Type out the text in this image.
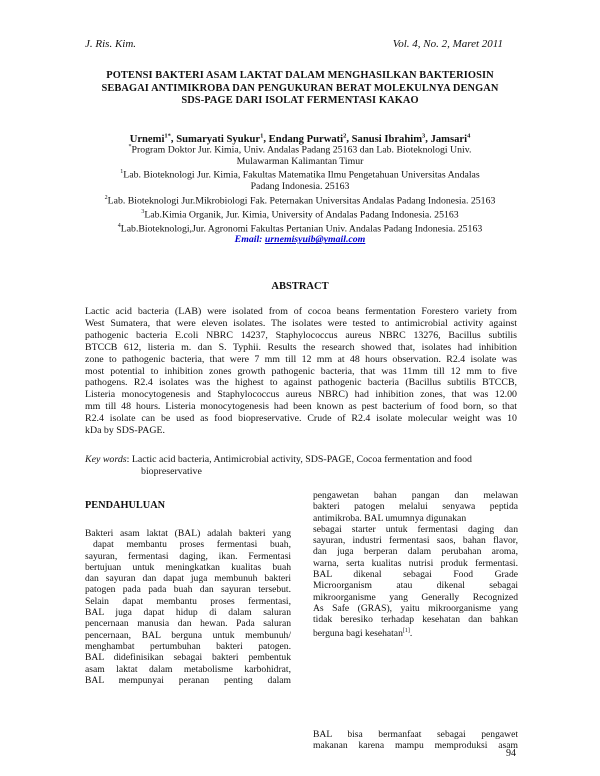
J. Ris. Kim.	Vol. 4, No. 2, Maret 2011
POTENSI BAKTERI ASAM LAKTAT DALAM MENGHASILKAN BAKTERIOSIN
SEBAGAI ANTIMIKROBA DAN PENGUKURAN BERAT MOLEKULNYA DENGAN
SDS-PAGE DARI ISOLAT FERMENTASI KAKAO
Urnemi$^{1*}$, Sumaryati Syukur$^1$, Endang Purwati$^2$, Sanusi Ibrahim$^3$, Jamsari$^4$
*Program Doktor Jur. Kimia, Univ. Andalas Padang 25163 dan Lab. Bioteknologi Univ.
Mulawarman Kalimantan Timur
$^1$Lab. Bioteknologi Jur. Kimia, Fakultas Matematika Ilmu Pengetahuan Universitas Andalas
Padang Indonesia. 25163
$^2$Lab. Bioteknologi Jur.Mikrobiologi Fak. Peternakan Universitas Andalas Padang Indonesia. 25163
$^3$Lab.Kimia Organik, Jur. Kimia, University of Andalas Padang Indonesia. 25163
$^4$Lab.Bioteknologi,Jur. Agronomi Fakultas Pertanian Univ. Andalas Padang Indonesia. 25163
Email: urnemisyuib@ymail.com
ABSTRACT
Lactic acid bacteria (LAB) were isolated from of cocoa beans fermentation Forestero variety from
West Sumatera, that were eleven isolates. The isolates were tested to antimicrobial activity against
pathogenic bacteria E.coli NBRC 14237, Staphylococcus aureus NBRC 13276, Bacillus subtilis
BTCCB 612, listeria m. dan S. Typhii. Results the research showed that, isolates had inhibition
zone to pathogenic bacteria, that were 7 mm till 12 mm at 48 hours observation. R2.4 isolate was
most potential to inhibition zones growth pathogenic bacteria, that was 11mm till 12 mm to five
pathogens. R2.4 isolates was the highest to against pathogenic bacteria (Bacillus subtilis BTCCB,
Listeria monocytogenesis and Staphylococcus aureus NBRC) had inhibition zones, that was 12.00
mm till 48 hours. Listeria monocytogenesis had been known as pest bacterium of food born, so that
R2.4 isolate can be used as food biopreservative. Crude of R2.4 isolate molecular weight was 10
kDa by SDS-PAGE.
Key words: Lactic acid bacteria, Antimicrobial activity, SDS-PAGE, Cocoa fermentation and food
biopreservative
PENDAHULUAN
Bakteri asam laktat (BAL) adalah bakteri yang
dapat membantu proses fermentasi buah,
sayuran, fermentasi daging, ikan. Fermentasi
bertujuan untuk meningkatkan kualitas buah
dan sayuran dan dapat juga membunuh bakteri
patogen pada pada buah dan sayuran tersebut.
Selain dapat membantu proses fermentasi,
BAL juga dapat hidup di dalam saluran
pencernaan manusia dan hewan. Pada saluran
pencernaan, BAL berguna untuk membunuh/
menghambat pertumbuhan bakteri patogen.
BAL didefinisikan sebagai bakteri pembentuk
asam laktat dalam metabolisme karbohidrat,
BAL mempunyai peranan penting dalam
pengawetan bahan pangan dan melawan
bakteri patogen melalui senyawa peptida
antimikroba. BAL umumnya digunakan
sebagai starter untuk fermentasi daging dan
sayuran, industri fermentasi saos, bahan flavor,
dan juga berperan dalam perubahan aroma,
warna, serta kualitas nutrisi produk fermentasi.
BAL dikenal sebagai Food Grade
Microorganism atau dikenal sebagai
mikroorganisme yang Generally Recognized
As Safe (GRAS), yaitu mikroorganisme yang
tidak beresiko terhadap kesehatan dan bahkan
berguna bagi kesehatan[1].
BAL bisa bermanfaat sebagai pengawet
makanan karena mampu memproduksi asam
94
